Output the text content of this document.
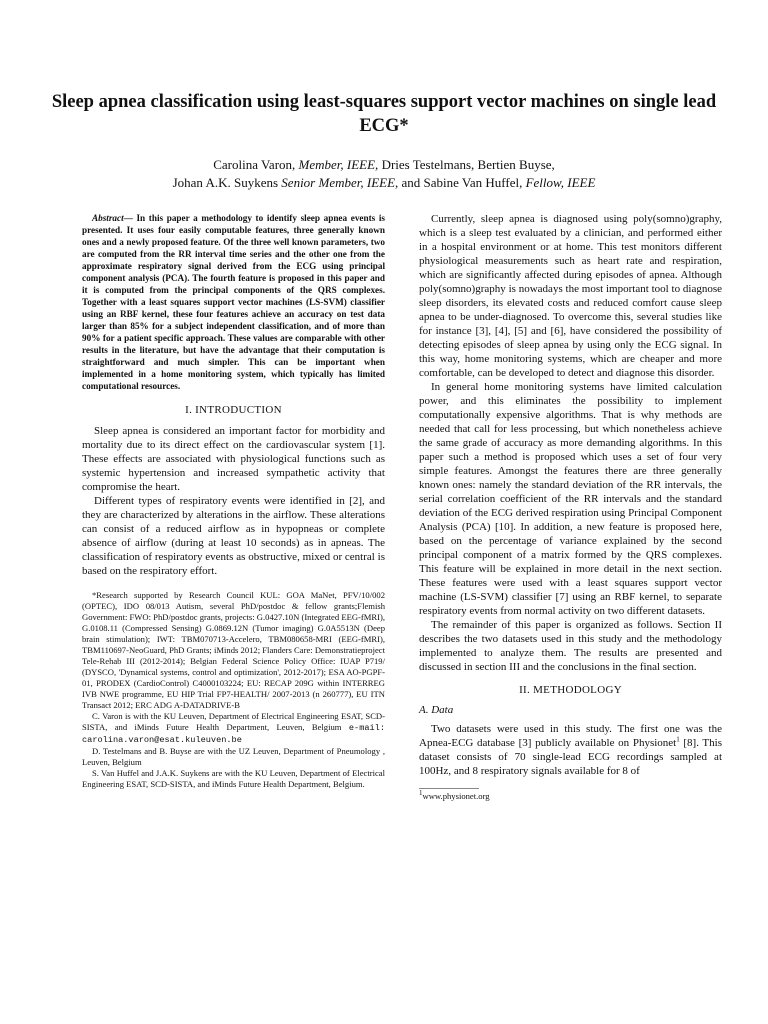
Sleep apnea classification using least-squares support vector machines on single lead ECG*
Carolina Varon, Member, IEEE, Dries Testelmans, Bertien Buyse,
Johan A.K. Suykens Senior Member, IEEE, and Sabine Van Huffel, Fellow, IEEE

Abstract— In this paper a methodology to identify sleep apnea events is presented. It uses four easily computable features, three generally known ones and a newly proposed feature. Of the three well known parameters, two are computed from the RR interval time series and the other one from the approximate respiratory signal derived from the ECG using principal component analysis (PCA). The fourth feature is proposed in this paper and it is computed from the principal components of the QRS complexes. Together with a least squares support vector machines (LS-SVM) classifier using an RBF kernel, these four features achieve an accuracy on test data larger than 85% for a subject independent classification, and of more than 90% for a patient specific approach. These values are comparable with other results in the literature, but have the advantage that their computation is straightforward and much simpler. This can be important when implemented in a home monitoring system, which typically has limited computational resources.

I. INTRODUCTION

Sleep apnea is considered an important factor for morbidity and mortality due to its direct effect on the cardiovascular system [1]. These effects are associated with physiological functions such as systemic hypertension and increased sympathetic activity that compromise the heart.

Different types of respiratory events were identified in [2], and they are characterized by alterations in the airflow. These alterations can consist of a reduced airflow as in hypopneas or complete absence of airflow (during at least 10 seconds) as in apneas. The classification of respiratory events as obstructive, mixed or central is based on the respiratory effort.

*Research supported by Research Council KUL: GOA MaNet, PFV/10/002 (OPTEC), IDO 08/013 Autism, several PhD/postdoc & fellow grants;Flemish Government: FWO: PhD/postdoc grants, projects: G.0427.10N (Integrated EEG-fMRI), G.0108.11 (Compressed Sensing) G.0869.12N (Tumor imaging) G.0A5513N (Deep brain stimulation); IWT: TBM070713-Accelero, TBM080658-MRI (EEG-fMRI), TBM110697-NeoGuard, PhD Grants; iMinds 2012; Flanders Care: Demonstratieproject Tele-Rehab III (2012-2014); Belgian Federal Science Policy Office: IUAP P719/ (DYSCO, 'Dynamical systems, control and optimization', 2012-2017); ESA AO-PGPF-01, PRODEX (CardioControl) C4000103224; EU: RECAP 209G within INTERREG IVB NWE programme, EU HIP Trial FP7-HEALTH/ 2007-2013 (n 260777), EU ITN Transact 2012; ERC ADG A-DATADRIVE-B

C. Varon is with the KU Leuven, Department of Electrical Engineering ESAT, SCD-SISTA, and iMinds Future Health Department, Leuven, Belgium e-mail: carolina.varon@esat.kuleuven.be

D. Testelmans and B. Buyse are with the UZ Leuven, Department of Pneumology , Leuven, Belgium

S. Van Huffel and J.A.K. Suykens are with the KU Leuven, Department of Electrical Engineering ESAT, SCD-SISTA, and iMinds Future Health Department, Belgium.

Currently, sleep apnea is diagnosed using poly(somno)graphy, which is a sleep test evaluated by a clinician, and performed either in a hospital environment or at home. This test monitors different physiological measurements such as heart rate and respiration, which are significantly affected during episodes of apnea. Although poly(somno)graphy is nowadays the most important tool to diagnose sleep disorders, its elevated costs and reduced comfort cause sleep apnea to be under-diagnosed. To overcome this, several studies like for instance [3], [4], [5] and [6], have considered the possibility of detecting episodes of sleep apnea by using only the ECG signal. In this way, home monitoring systems, which are cheaper and more comfortable, can be developed to detect and diagnose this disorder.

In general home monitoring systems have limited calculation power, and this eliminates the possibility to implement computationally expensive algorithms. That is why methods are needed that call for less processing, but which nonetheless achieve the same grade of accuracy as more demanding algorithms. In this paper such a method is proposed which uses a set of four very simple features. Amongst the features there are three generally known ones: namely the standard deviation of the RR intervals, the serial correlation coefficient of the RR intervals and the standard deviation of the ECG derived respiration using Principal Component Analysis (PCA) [10]. In addition, a new feature is proposed here, based on the percentage of variance explained by the second principal component of a matrix formed by the QRS complexes. This feature will be explained in more detail in the next section. These features were used with a least squares support vector machine (LS-SVM) classifier [7] using an RBF kernel, to separate respiratory events from normal activity on two different datasets.

The remainder of this paper is organized as follows. Section II describes the two datasets used in this study and the methodology implemented to analyze them. The results are presented and discussed in section III and the conclusions in the final section.

II. METHODOLOGY
A. Data

Two datasets were used in this study. The first one was the Apnea-ECG database [3] publicly available on Physionet$^1$ [8]. This dataset consists of 70 single-lead ECG recordings sampled at 100Hz, and 8 respiratory signals available for 8 of

$^1$www.physionet.org
